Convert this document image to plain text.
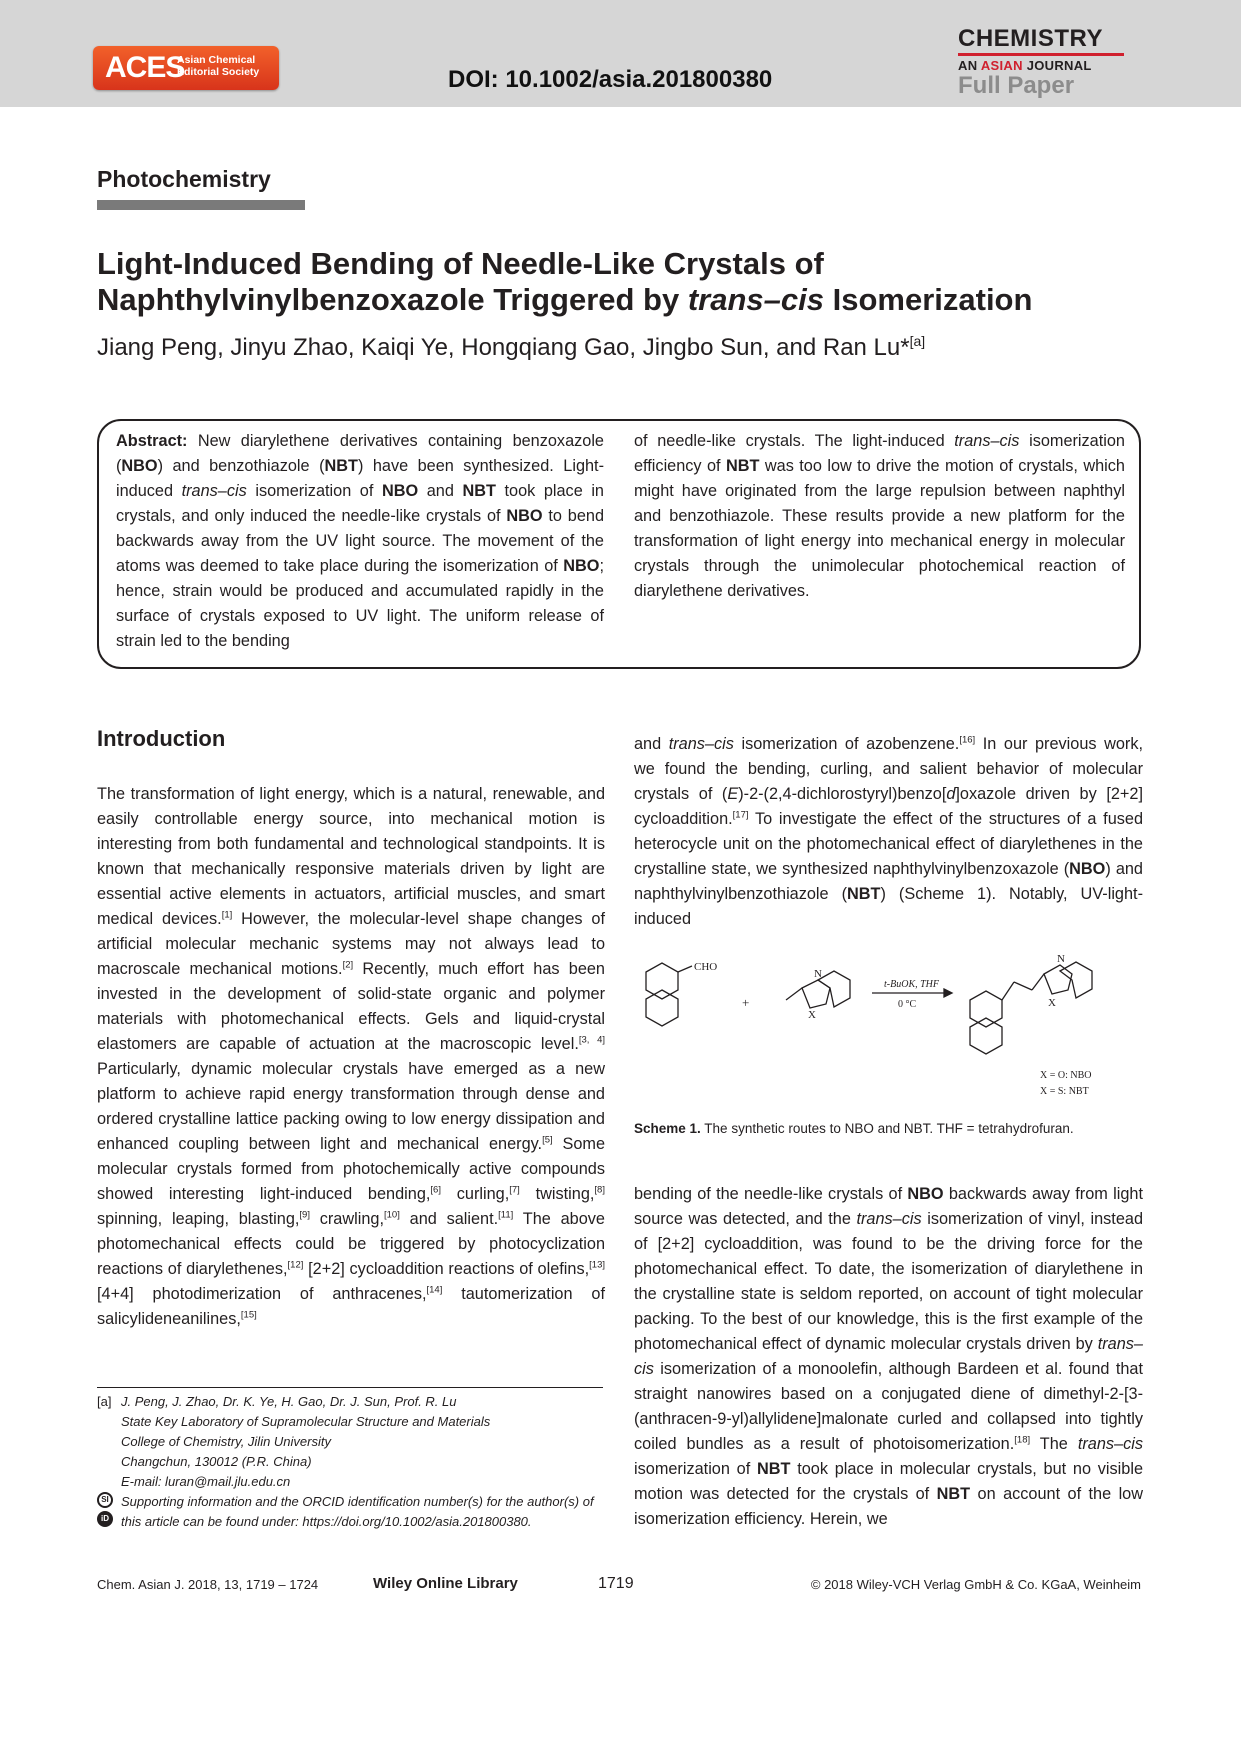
ACES
Asian Chemical
Editorial Society	DOI: 10.1002/asia.201800380
CHEMISTRY
AN ASIAN JOURNAL
Full Paper
Photochemistry
Light-Induced Bending of Needle-Like Crystals of
Naphthylvinylbenzoxazole Triggered by trans–cis Isomerization
Jiang Peng, Jinyu Zhao, Kaiqi Ye, Hongqiang Gao, Jingbo Sun, and Ran Lu*[a]
Abstract: New diarylethene derivatives containing benzoxazole (NBO) and benzothiazole (NBT) have been synthesized. Light-induced trans–cis isomerization of NBO and NBT took place in crystals, and only induced the needle-like crystals of NBO to bend backwards away from the UV light source. The movement of the atoms was deemed to take place during the isomerization of NBO; hence, strain would be produced and accumulated rapidly in the surface of crystals exposed to UV light. The uniform release of strain led to the bending
of needle-like crystals. The light-induced trans–cis isomerization efficiency of NBT was too low to drive the motion of crystals, which might have originated from the large repulsion between naphthyl and benzothiazole. These results provide a new platform for the transformation of light energy into mechanical energy in molecular crystals through the unimolecular photochemical reaction of diarylethene derivatives.
Introduction

The transformation of light energy, which is a natural, renewable, and easily controllable energy source, into mechanical motion is interesting from both fundamental and technological standpoints. It is known that mechanically responsive materials driven by light are essential active elements in actuators, artificial muscles, and smart medical devices.[1] However, the molecular-level shape changes of artificial molecular mechanic systems may not always lead to macroscale mechanical motions.[2] Recently, much effort has been invested in the development of solid-state organic and polymer materials with photomechanical effects. Gels and liquid-crystal elastomers are capable of actuation at the macroscopic level.[3, 4] Particularly, dynamic molecular crystals have emerged as a new platform to achieve rapid energy transformation through dense and ordered crystalline lattice packing owing to low energy dissipation and enhanced coupling between light and mechanical energy.[5] Some molecular crystals formed from photochemically active compounds showed interesting light-induced bending,[6] curling,[7] twisting,[8] spinning, leaping, blasting,[9] crawling,[10] and salient.[11] The above photomechanical effects could be triggered by photocyclization reactions of diarylethenes,[12] [2+2] cycloaddition reactions of olefins,[13] [4+4] photodimerization of anthracenes,[14] tautomerization of salicylideneanilines,[15]

and trans–cis isomerization of azobenzene.[16] In our previous work, we found the bending, curling, and salient behavior of molecular crystals of (E)-2-(2,4-dichlorostyryl)benzo[d]oxazole driven by [2+2] cycloaddition.[17] To investigate the effect of the structures of a fused heterocycle unit on the photomechanical effect of diarylethenes in the crystalline state, we synthesized naphthylvinylbenzoxazole (NBO) and naphthylvinylbenzothiazole (NBT) (Scheme 1). Notably, UV-light-induced

CHO
+
N
X
t-BuOK, THF
0 °C
N
X
X = O: NBO
X = S: NBT
Scheme 1. The synthetic routes to NBO and NBT. THF = tetrahydrofuran.

bending of the needle-like crystals of NBO backwards away from light source was detected, and the trans–cis isomerization of vinyl, instead of [2+2] cycloaddition, was found to be the driving force for the photomechanical effect. To date, the isomerization of diarylethene in the crystalline state is seldom reported, on account of tight molecular packing. To the best of our knowledge, this is the first example of the photomechanical effect of dynamic molecular crystals driven by trans–cis isomerization of a monoolefin, although Bardeen et al. found that straight nanowires based on a conjugated diene of dimethyl-2-[3-(anthracen-9-yl)allylidene]malonate curled and collapsed into tightly coiled bundles as a result of photoisomerization.[18] The trans–cis isomerization of NBT took place in molecular crystals, but no visible motion was detected for the crystals of NBT on account of the low isomerization efficiency. Herein, we

[a] J. Peng, J. Zhao, Dr. K. Ye, H. Gao, Dr. J. Sun, Prof. R. Lu
State Key Laboratory of Supramolecular Structure and Materials
College of Chemistry, Jilin University
Changchun, 130012 (P.R. China)
E-mail: luran@mail.jlu.edu.cn
SI
iD
Supporting information and the ORCID identification number(s) for the author(s) of this article can be found under: https://doi.org/10.1002/asia.201800380.
Chem. Asian J. 2018, 13, 1719 – 1724	Wiley Online Library	1719	© 2018 Wiley-VCH Verlag GmbH & Co. KGaA, Weinheim
